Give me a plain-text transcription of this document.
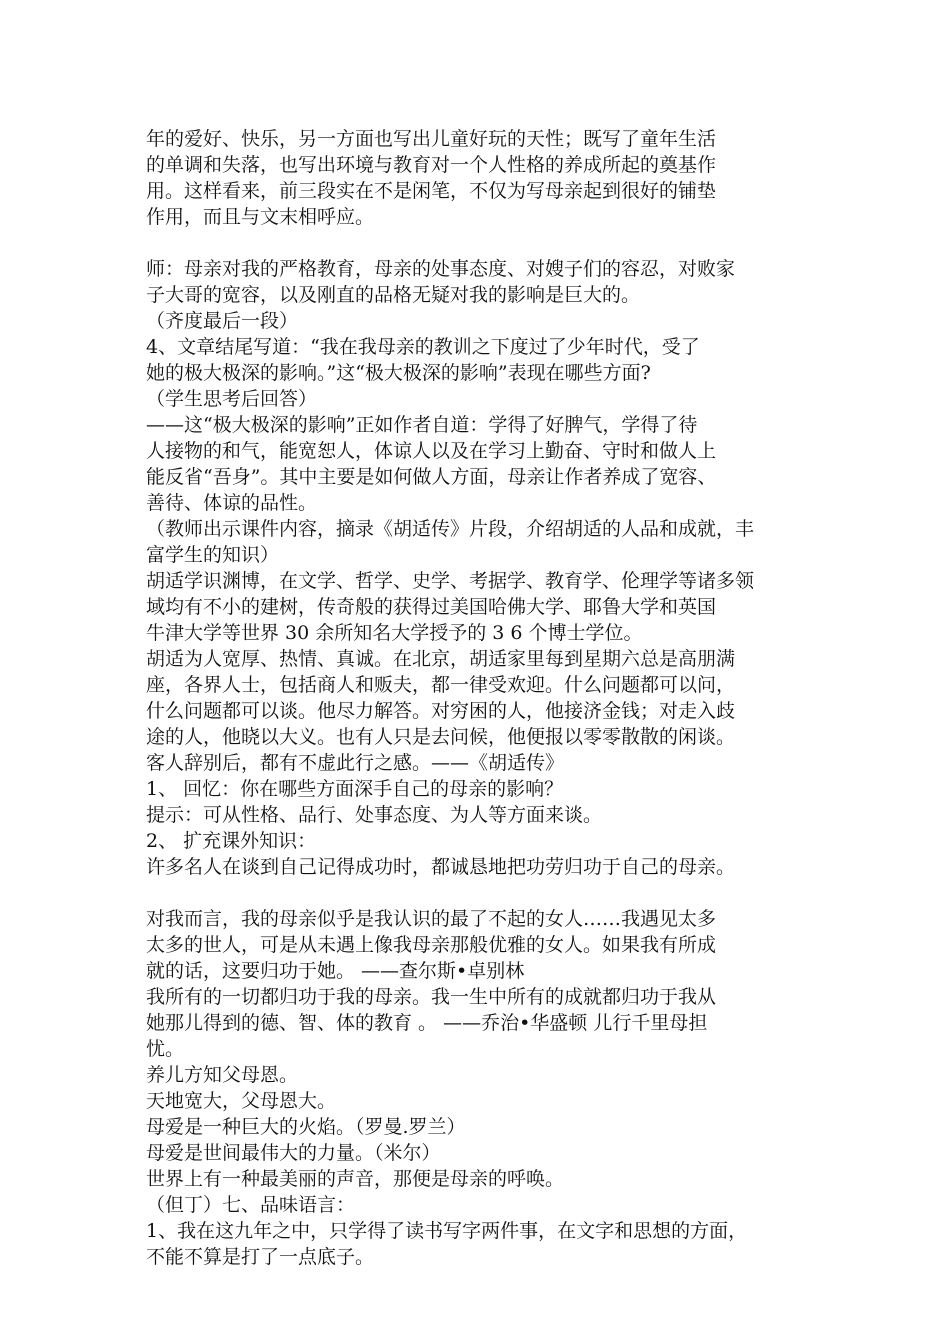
年的爱好、快乐，另一方面也写出儿童好玩的天性；既写了童年生活
的单调和失落，也写出环境与教育对一个人性格的养成所起的奠基作
用。这样看来，前三段实在不是闲笔，不仅为写母亲起到很好的铺垫
作用，而且与文末相呼应。
师：母亲对我的严格教育，母亲的处事态度、对嫂子们的容忍，对败家
子大哥的宽容，以及刚直的品格无疑对我的影响是巨大的。
（齐度最后一段）
4、文章结尾写道：“我在我母亲的教训之下度过了少年时代，受了
她的极大极深的影响。”这“极大极深的影响”表现在哪些方面?
（学生思考后回答）
——这“极大极深的影响”正如作者自道：学得了好脾气，学得了待
人接物的和气，能宽恕人，体谅人以及在学习上勤奋、守时和做人上
能反省“吾身”。其中主要是如何做人方面，母亲让作者养成了宽容、
善待、体谅的品性。
（教师出示课件内容，摘录《胡适传》片段，介绍胡适的人品和成就，丰
富学生的知识）
胡适学识渊博，在文学、哲学、史学、考据学、教育学、伦理学等诸多领
域均有不小的建树，传奇般的获得过美国哈佛大学、耶鲁大学和英国
牛津大学等世界 30 余所知名大学授予的 3 6 个博士学位。
胡适为人宽厚、热情、真诚。在北京，胡适家里每到星期六总是高朋满
座，各界人士，包括商人和贩夫，都一律受欢迎。什么问题都可以问，
什么问题都可以谈。他尽力解答。对穷困的人，他接济金钱；对走入歧
途的人，他晓以大义。也有人只是去问候，他便报以零零散散的闲谈。
客人辞别后，都有不虚此行之感。——《胡适传》
1、 回忆：你在哪些方面深手自己的母亲的影响？
提示：可从性格、品行、处事态度、为人等方面来谈。
2、 扩充课外知识：
许多名人在谈到自己记得成功时，都诚恳地把功劳归功于自己的母亲。
对我而言，我的母亲似乎是我认识的最了不起的女人……我遇见太多
太多的世人，可是从未遇上像我母亲那般优雅的女人。如果我有所成
就的话，这要归功于她。 ——查尔斯•卓别林
我所有的一切都归功于我的母亲。我一生中所有的成就都归功于我从
她那儿得到的德、智、体的教育 。 ——乔治•华盛顿 儿行千里母担
忧。
养儿方知父母恩。
天地宽大，父母恩大。
母爱是一种巨大的火焰。（罗曼.罗兰）
母爱是世间最伟大的力量。（米尔）
世界上有一种最美丽的声音，那便是母亲的呼唤。
（但丁）七、品味语言：
1、我在这九年之中，只学得了读书写字两件事，在文字和思想的方面，
不能不算是打了一点底子。
